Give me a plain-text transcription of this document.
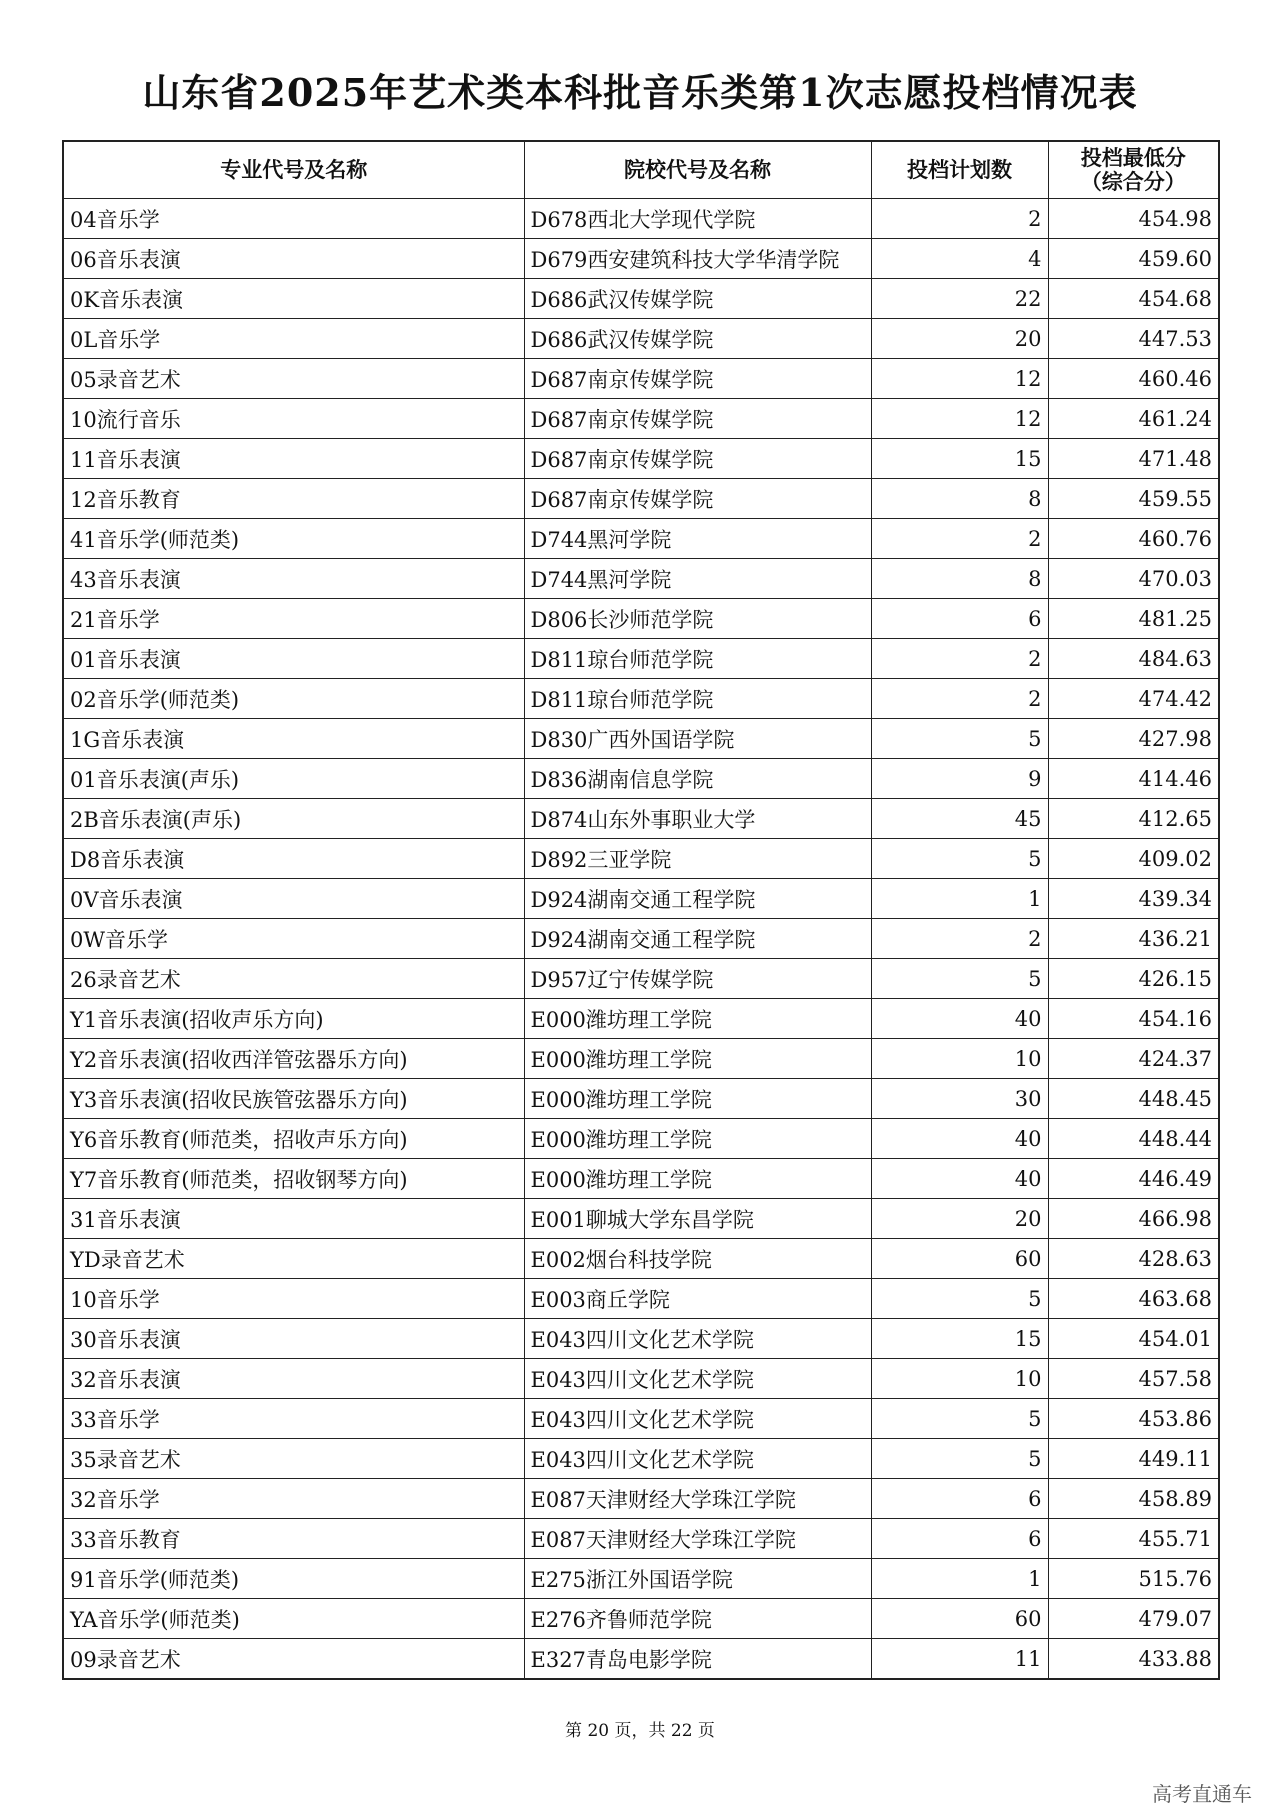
山东省2025年艺术类本科批音乐类第1次志愿投档情况表
专业代号及名称	院校代号及名称	投档计划数	投档最低分
（综合分）

04音乐学	D678西北大学现代学院	2	454.98
06音乐表演	D679西安建筑科技大学华清学院	4	459.60
0K音乐表演	D686武汉传媒学院	22	454.68
0L音乐学	D686武汉传媒学院	20	447.53
05录音艺术	D687南京传媒学院	12	460.46
10流行音乐	D687南京传媒学院	12	461.24
11音乐表演	D687南京传媒学院	15	471.48
12音乐教育	D687南京传媒学院	8	459.55
41音乐学(师范类)	D744黑河学院	2	460.76
43音乐表演	D744黑河学院	8	470.03
21音乐学	D806长沙师范学院	6	481.25
01音乐表演	D811琼台师范学院	2	484.63
02音乐学(师范类)	D811琼台师范学院	2	474.42
1G音乐表演	D830广西外国语学院	5	427.98
01音乐表演(声乐)	D836湖南信息学院	9	414.46
2B音乐表演(声乐)	D874山东外事职业大学	45	412.65
D8音乐表演	D892三亚学院	5	409.02
0V音乐表演	D924湖南交通工程学院	1	439.34
0W音乐学	D924湖南交通工程学院	2	436.21
26录音艺术	D957辽宁传媒学院	5	426.15
Y1音乐表演(招收声乐方向)	E000潍坊理工学院	40	454.16
Y2音乐表演(招收西洋管弦器乐方向)	E000潍坊理工学院	10	424.37
Y3音乐表演(招收民族管弦器乐方向)	E000潍坊理工学院	30	448.45
Y6音乐教育(师范类，招收声乐方向)	E000潍坊理工学院	40	448.44
Y7音乐教育(师范类，招收钢琴方向)	E000潍坊理工学院	40	446.49
31音乐表演	E001聊城大学东昌学院	20	466.98
YD录音艺术	E002烟台科技学院	60	428.63
10音乐学	E003商丘学院	5	463.68
30音乐表演	E043四川文化艺术学院	15	454.01
32音乐表演	E043四川文化艺术学院	10	457.58
33音乐学	E043四川文化艺术学院	5	453.86
35录音艺术	E043四川文化艺术学院	5	449.11
32音乐学	E087天津财经大学珠江学院	6	458.89
33音乐教育	E087天津财经大学珠江学院	6	455.71
91音乐学(师范类)	E275浙江外国语学院	1	515.76
YA音乐学(师范类)	E276齐鲁师范学院	60	479.07
09录音艺术	E327青岛电影学院	11	433.88
第 20 页，共 22 页
高考直通车
